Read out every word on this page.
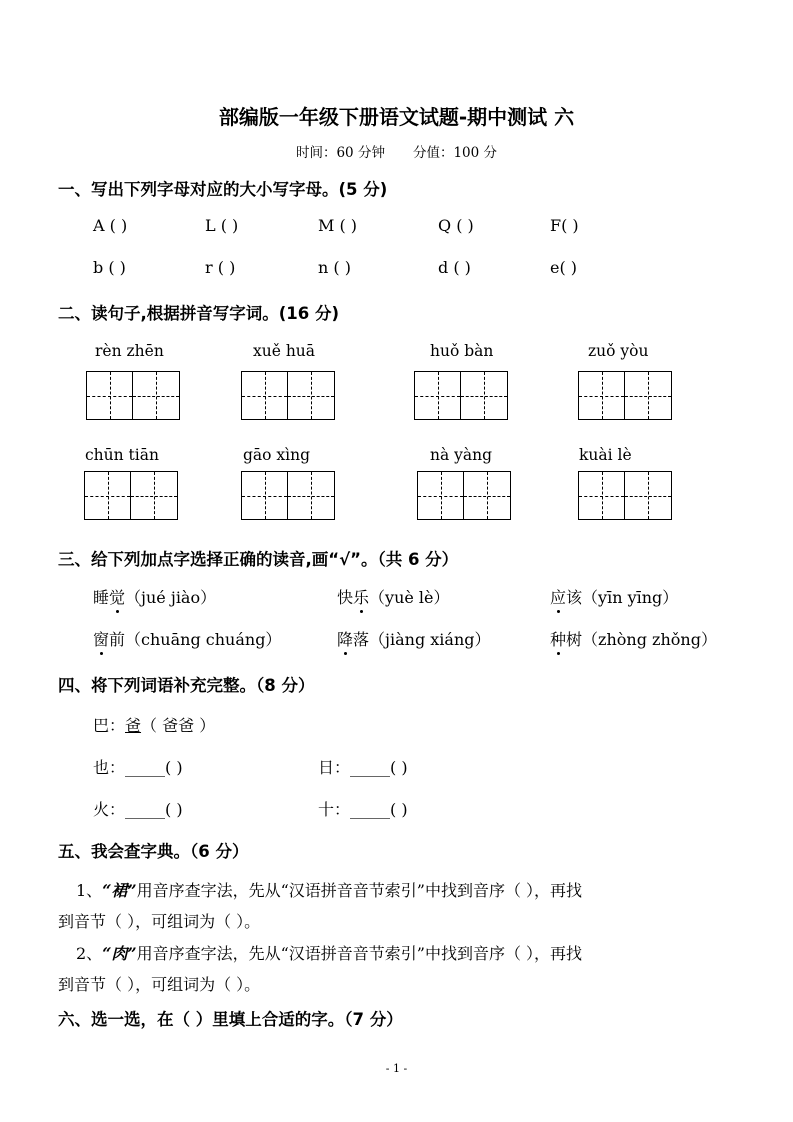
部编版一年级下册语文试题-期中测试 六
时间：60 分钟 分值：100 分
一、写出下列字母对应的大小写字母。(5 分)
A ( )	L ( )	M ( )	Q ( )	F( )
b ( )	r ( )	n ( )	d ( )	e( )
二、读句子,根据拼音写字词。(16 分)
rèn zhēn	xuě huā	huǒ bàn	zuǒ yòu
chūn tiān	gāo xìng	nà yàng	kuài lè
三、给下列加点字选择正确的读音,画“√”。（共 6 分）
睡觉（jué jiào）	快乐（yuè lè）	应该（yīn yīng）
窗前（chuāng chuáng）	降落（jiàng xiáng）	种树（zhòng zhǒng）
四、将下列词语补充完整。（8 分）
巴：爸（ 爸爸 ）
也：_____( )	日：_____( )
火：_____( )	十：_____( )
五、我会查字典。（6 分）
1、“裙”用音序查字法，先从“汉语拼音音节索引”中找到音序（ ），再找
到音节（ ），可组词为（ ）。
2、“肉”用音序查字法，先从“汉语拼音音节索引”中找到音序（ ），再找
到音节（ ），可组词为（ ）。
六、选一选，在（ ）里填上合适的字。（7 分）
- 1 -
